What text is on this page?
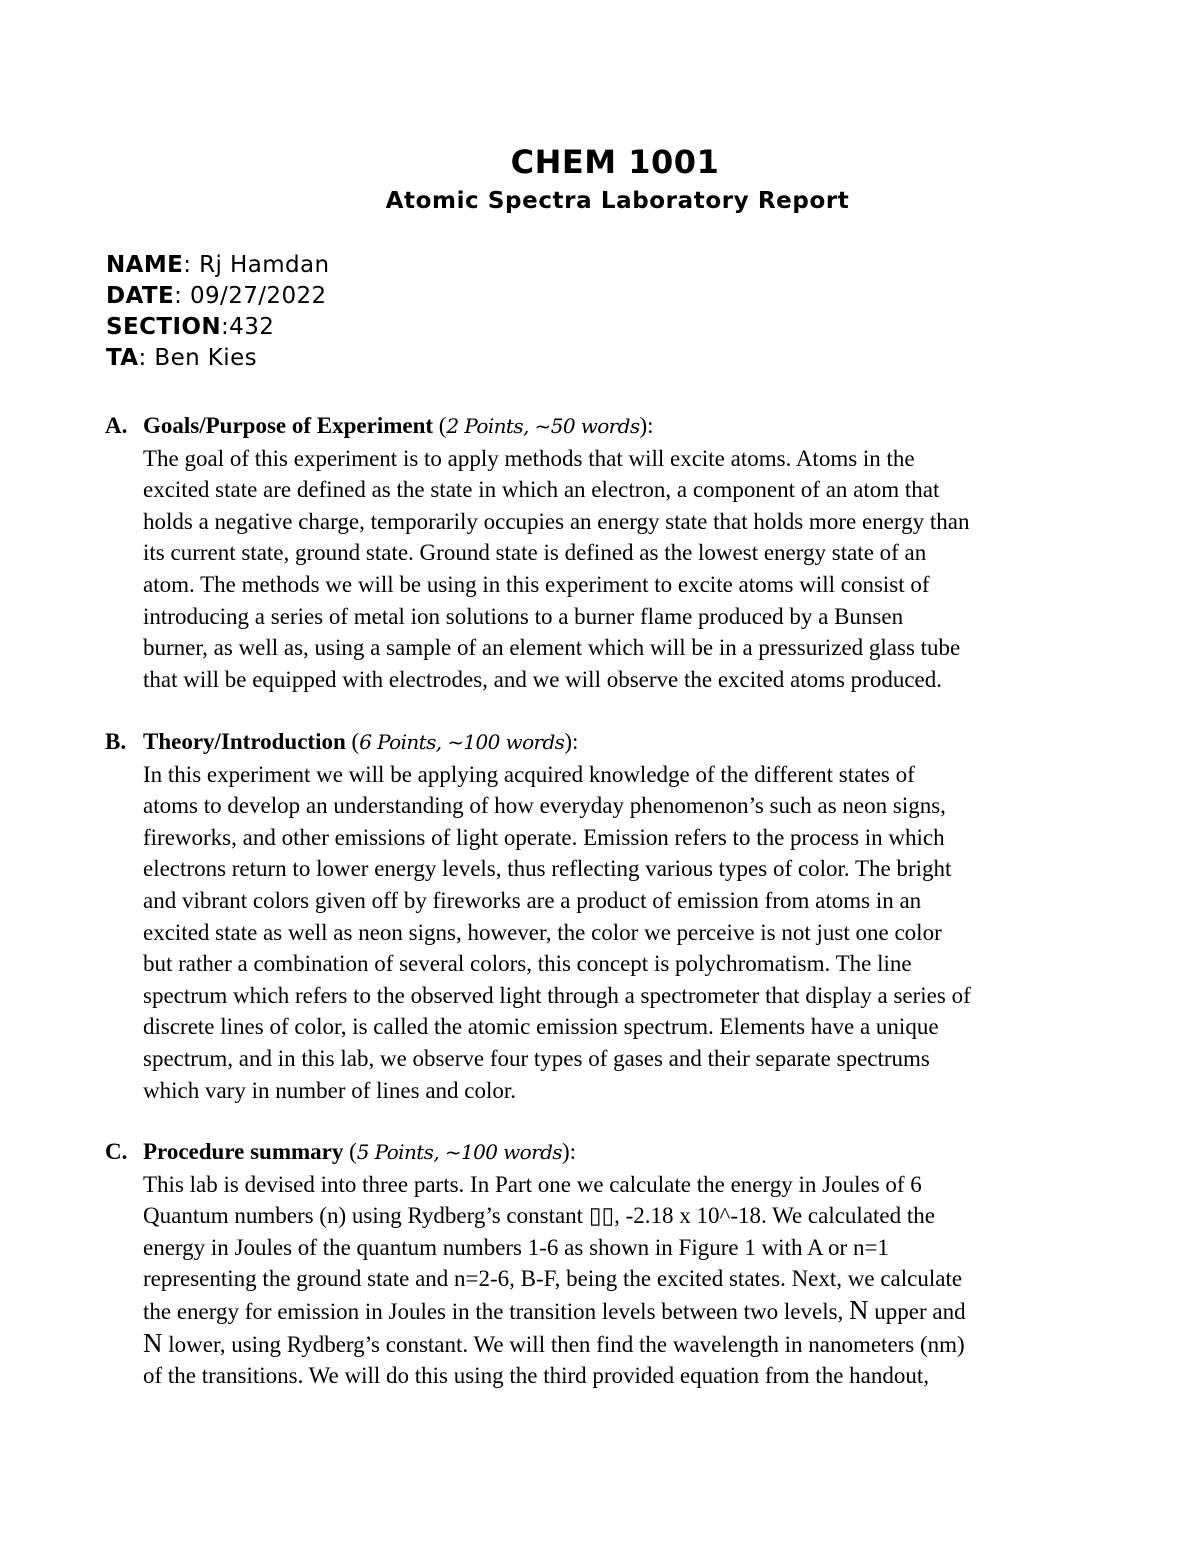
CHEM 1001
Atomic Spectra Laboratory Report
NAME: Rj Hamdan
DATE: 09/27/2022
SECTION:432
TA: Ben Kies
A. Goals/Purpose of Experiment (2 Points, ~50 words):
The goal of this experiment is to apply methods that will excite atoms. Atoms in the
excited state are defined as the state in which an electron, a component of an atom that
holds a negative charge, temporarily occupies an energy state that holds more energy than
its current state, ground state. Ground state is defined as the lowest energy state of an
atom. The methods we will be using in this experiment to excite atoms will consist of
introducing a series of metal ion solutions to a burner flame produced by a Bunsen
burner, as well as, using a sample of an element which will be in a pressurized glass tube
that will be equipped with electrodes, and we will observe the excited atoms produced.
B. Theory/Introduction (6 Points, ~100 words):
In this experiment we will be applying acquired knowledge of the different states of
atoms to develop an understanding of how everyday phenomenon’s such as neon signs,
fireworks, and other emissions of light operate. Emission refers to the process in which
electrons return to lower energy levels, thus reflecting various types of color. The bright
and vibrant colors given off by fireworks are a product of emission from atoms in an
excited state as well as neon signs, however, the color we perceive is not just one color
but rather a combination of several colors, this concept is polychromatism. The line
spectrum which refers to the observed light through a spectrometer that display a series of
discrete lines of color, is called the atomic emission spectrum. Elements have a unique
spectrum, and in this lab, we observe four types of gases and their separate spectrums
which vary in number of lines and color.
C. Procedure summary (5 Points, ~100 words):
This lab is devised into three parts. In Part one we calculate the energy in Joules of 6
Quantum numbers (n) using Rydberg’s constant ▯▯, -2.18 x 10^-18. We calculated the
energy in Joules of the quantum numbers 1-6 as shown in Figure 1 with A or n=1
representing the ground state and n=2-6, B-F, being the excited states. Next, we calculate
the energy for emission in Joules in the transition levels between two levels, N upper and
N lower, using Rydberg’s constant. We will then find the wavelength in nanometers (nm)
of the transitions. We will do this using the third provided equation from the handout,
